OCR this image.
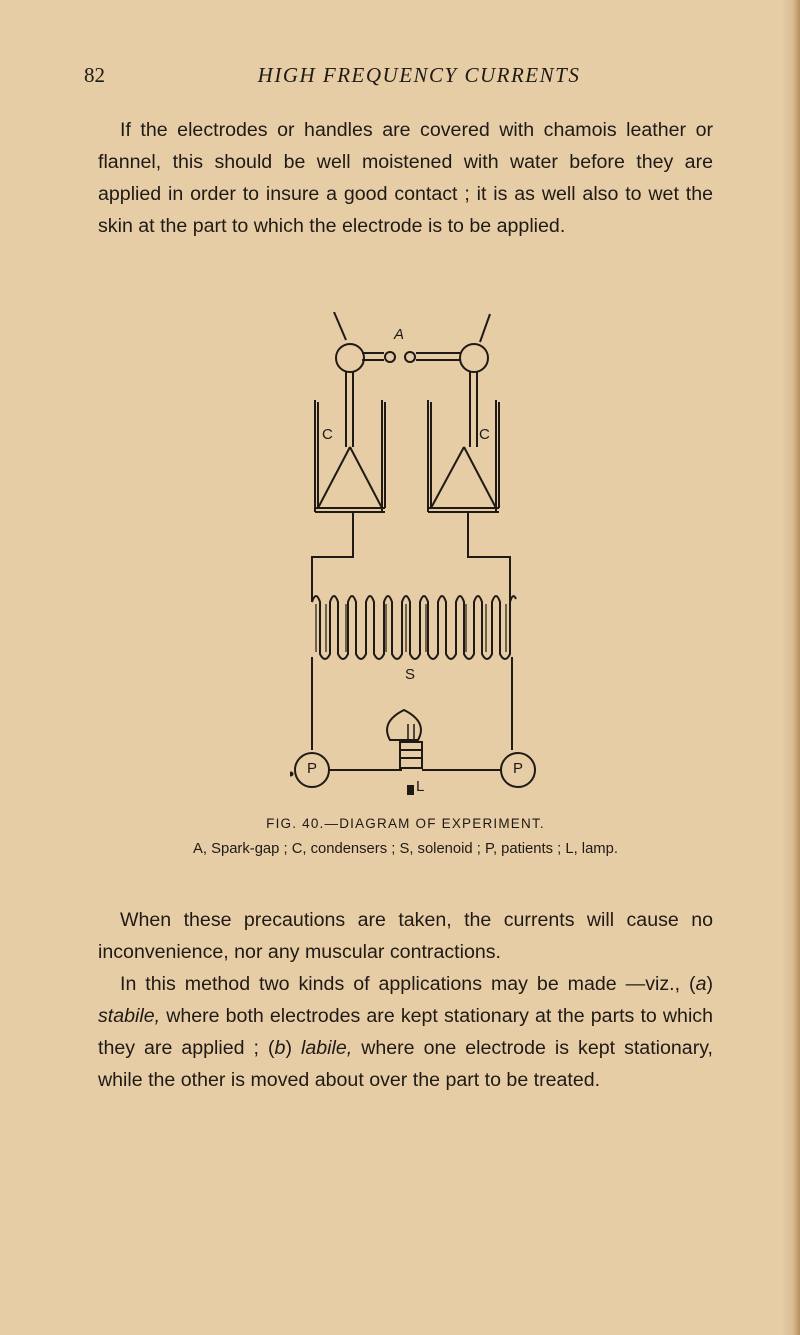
82	HIGH FREQUENCY CURRENTS

If the electrodes or handles are covered with chamois leather or flannel, this should be well moistened with water before they are applied in order to insure a good contact ; it is as well also to wet the skin at the part to which the electrode is to be applied.

A
C	C
S
P	P
L

FIG. 40.—DIAGRAM OF EXPERIMENT.

A, Spark-gap ; C, condensers ; S, solenoid ; P, patients ; L, lamp.

When these precautions are taken, the currents will cause no inconvenience, nor any muscular contractions.

In this method two kinds of applications may be made —viz., (a) stabile, where both electrodes are kept stationary at the parts to which they are applied ; (b) labile, where one electrode is kept stationary, while the other is moved about over the part to be treated.
